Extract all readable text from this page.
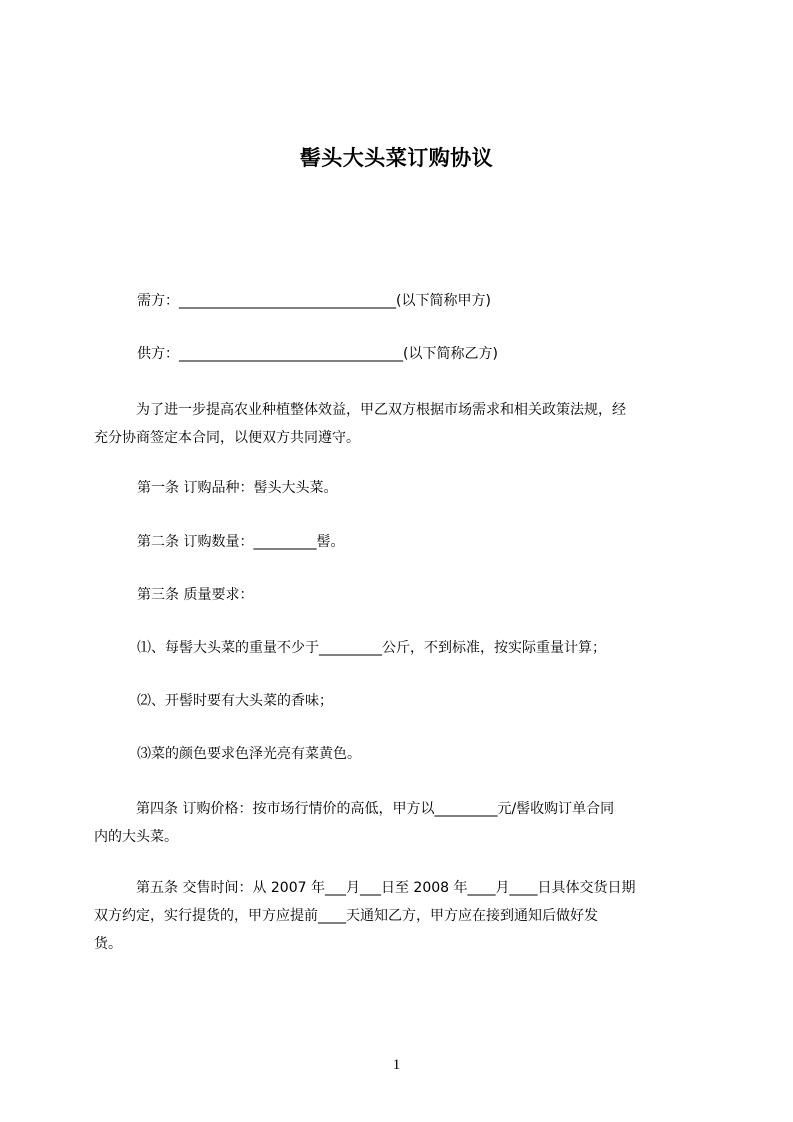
髻头大头菜订购协议
需方：_______________________________(以下简称甲方)
供方：________________________________(以下简称乙方)
为了进一步提高农业种植整体效益，甲乙双方根据市场需求和相关政策法规，经
充分协商签定本合同，以便双方共同遵守。
第一条 订购品种：髻头大头菜。
第二条 订购数量：_________髻。
第三条 质量要求：
⑴、每髻大头菜的重量不少于_________公斤，不到标准，按实际重量计算；
⑵、开髻时要有大头菜的香味；
⑶菜的颜色要求色泽光亮有菜黄色。
第四条 订购价格：按市场行情价的高低，甲方以_________元/髻收购订单合同
内的大头菜。
第五条 交售时间：从 2007 年___月___日至 2008 年____月____日具体交货日期
双方约定，实行提货的，甲方应提前____天通知乙方，甲方应在接到通知后做好发
货。
1
